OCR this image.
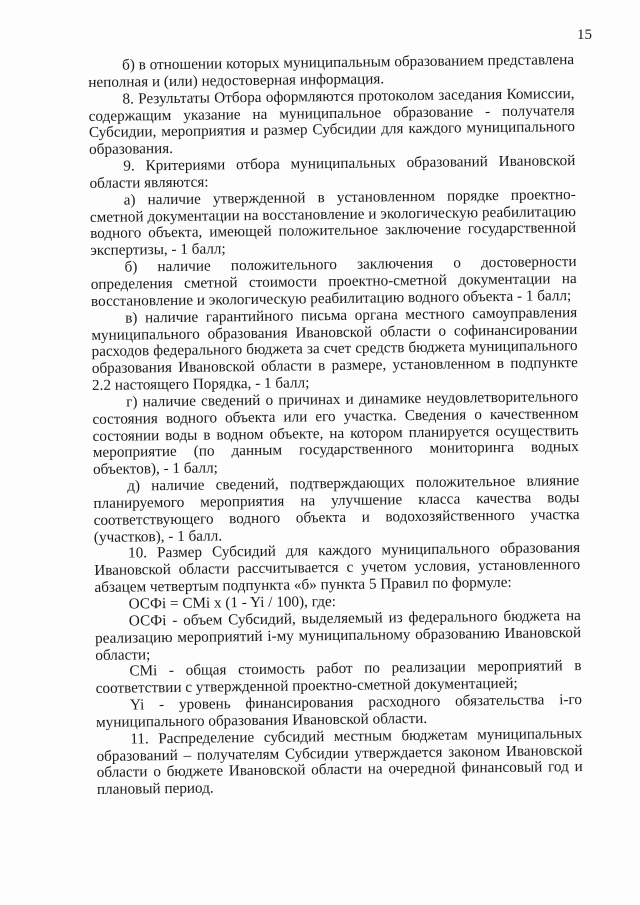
15

б) в отношении которых муниципальным образованием представлена неполная и (или) недостоверная информация.

8. Результаты Отбора оформляются протоколом заседания Комиссии, содержащим указание на муниципальное образование - получателя Субсидии, мероприятия и размер Субсидии для каждого муниципального образования.

9. Критериями отбора муниципальных образований Ивановской области являются:

а) наличие утвержденной в установленном порядке проектно-сметной документации на восстановление и экологическую реабилитацию водного объекта, имеющей положительное заключение государственной экспертизы, - 1 балл;

б) наличие положительного заключения о достоверности определения сметной стоимости проектно-сметной документации на восстановление и экологическую реабилитацию водного объекта - 1 балл;

в) наличие гарантийного письма органа местного самоуправления муниципального образования Ивановской области о софинансировании расходов федерального бюджета за счет средств бюджета муниципального образования Ивановской области в размере, установленном в подпункте 2.2 настоящего Порядка, - 1 балл;

г) наличие сведений о причинах и динамике неудовлетворительного состояния водного объекта или его участка. Сведения о качественном состоянии воды в водном объекте, на котором планируется осуществить мероприятие (по данным государственного мониторинга водных объектов), - 1 балл;

д) наличие сведений, подтверждающих положительное влияние планируемого мероприятия на улучшение класса качества воды соответствующего водного объекта и водохозяйственного участка (участков), - 1 балл.

10. Размер Субсидий для каждого муниципального образования Ивановской области рассчитывается с учетом условия, установленного абзацем четвертым подпункта «б» пункта 5 Правил по формуле:

ОСФi = СМi x (1 - Yi / 100), где:

ОСФi - объем Субсидий, выделяемый из федерального бюджета на реализацию мероприятий i-му муниципальному образованию Ивановской области;

СМi - общая стоимость работ по реализации мероприятий в соответствии с утвержденной проектно-сметной документацией;

Yi - уровень финансирования расходного обязательства i-го муниципального образования Ивановской области.

11. Распределение субсидий местным бюджетам муниципальных образований – получателям Субсидии утверждается законом Ивановской области о бюджете Ивановской области на очередной финансовый год и плановый период.
